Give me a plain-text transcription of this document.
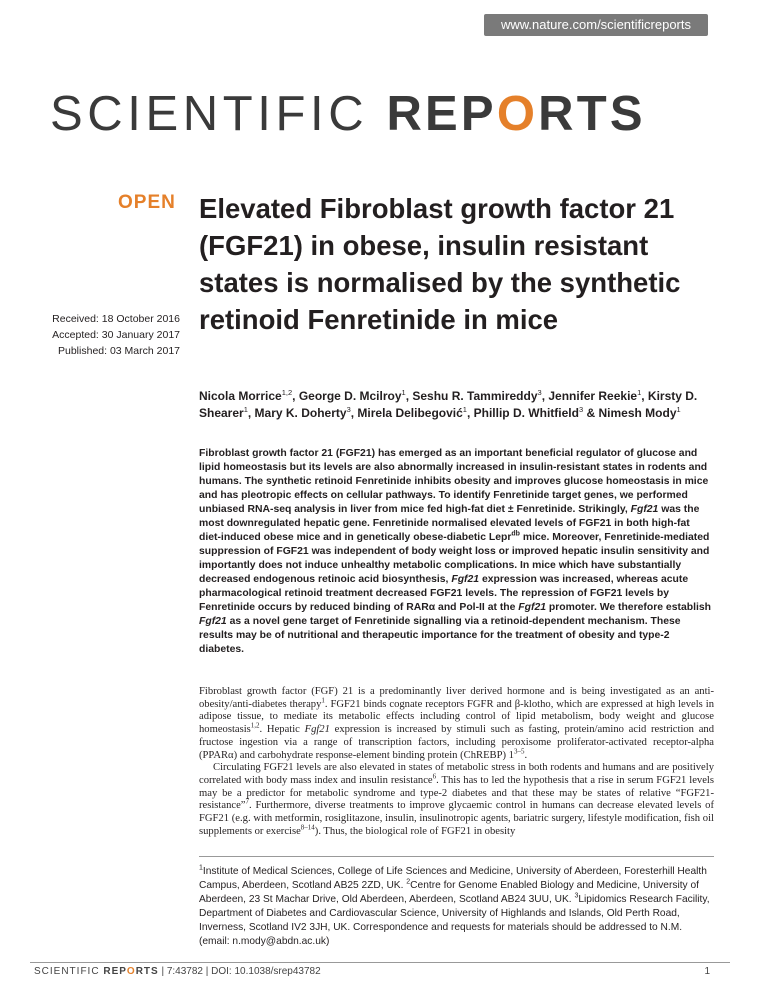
www.nature.com/scientificreports
SCIENTIFIC REPORTS
OPEN Elevated Fibroblast growth factor 21 (FGF21) in obese, insulin resistant states is normalised by the synthetic retinoid Fenretinide in mice
Received: 18 October 2016
Accepted: 30 January 2017
Published: 03 March 2017
Nicola Morrice$^{1,2}$, George D. Mcilroy$^1$, Seshu R. Tammireddy$^3$, Jennifer Reekie$^1$, Kirsty D. Shearer$^1$, Mary K. Doherty$^3$, Mirela Delibegović$^1$, Phillip D. Whitfield$^3$ & Nimesh Mody$^1$

Fibroblast growth factor 21 (FGF21) has emerged as an important beneficial regulator of glucose and lipid homeostasis but its levels are also abnormally increased in insulin-resistant states in rodents and humans. The synthetic retinoid Fenretinide inhibits obesity and improves glucose homeostasis in mice and has pleotropic effects on cellular pathways. To identify Fenretinide target genes, we performed unbiased RNA-seq analysis in liver from mice fed high-fat diet ± Fenretinide. Strikingly, Fgf21 was the most downregulated hepatic gene. Fenretinide normalised elevated levels of FGF21 in both high-fat diet-induced obese mice and in genetically obese-diabetic Lepr$^{db}$ mice. Moreover, Fenretinide-mediated suppression of FGF21 was independent of body weight loss or improved hepatic insulin sensitivity and importantly does not induce unhealthy metabolic complications. In mice which have substantially decreased endogenous retinoic acid biosynthesis, Fgf21 expression was increased, whereas acute pharmacological retinoid treatment decreased FGF21 levels. The repression of FGF21 levels by Fenretinide occurs by reduced binding of RARα and Pol-II at the Fgf21 promoter. We therefore establish Fgf21 as a novel gene target of Fenretinide signalling via a retinoid-dependent mechanism. These results may be of nutritional and therapeutic importance for the treatment of obesity and type-2 diabetes.

Fibroblast growth factor (FGF) 21 is a predominantly liver derived hormone and is being investigated as an anti-obesity/anti-diabetes therapy$^1$. FGF21 binds cognate receptors FGFR and β-klotho, which are expressed at high levels in adipose tissue, to mediate its metabolic effects including control of lipid metabolism, body weight and glucose homeostasis$^{1,2}$. Hepatic Fgf21 expression is increased by stimuli such as fasting, protein/amino acid restriction and fructose ingestion via a range of transcription factors, including peroxisome proliferator-activated receptor-alpha (PPARα) and carbohydrate response-element binding protein (ChREBP) 1$^{3-5}$.

Circulating FGF21 levels are also elevated in states of metabolic stress in both rodents and humans and are positively correlated with body mass index and insulin resistance$^6$. This has to led the hypothesis that a rise in serum FGF21 levels may be a predictor for metabolic syndrome and type-2 diabetes and that these may be states of relative “FGF21-resistance”$^7$. Furthermore, diverse treatments to improve glycaemic control in humans can decrease elevated levels of FGF21 (e.g. with metformin, rosiglitazone, insulin, insulinotropic agents, bariatric surgery, lifestyle modification, fish oil supplements or exercise$^{8-14}$). Thus, the biological role of FGF21 in obesity

$^1$Institute of Medical Sciences, College of Life Sciences and Medicine, University of Aberdeen, Foresterhill Health Campus, Aberdeen, Scotland AB25 2ZD, UK. $^2$Centre for Genome Enabled Biology and Medicine, University of Aberdeen, 23 St Machar Drive, Old Aberdeen, Aberdeen, Scotland AB24 3UU, UK. $^3$Lipidomics Research Facility, Department of Diabetes and Cardiovascular Science, University of Highlands and Islands, Old Perth Road, Inverness, Scotland IV2 3JH, UK. Correspondence and requests for materials should be addressed to N.M. (email: n.mody@abdn.ac.uk)

SCIENTIFIC REPORTS | 7:43782 | DOI: 10.1038/srep43782	1
